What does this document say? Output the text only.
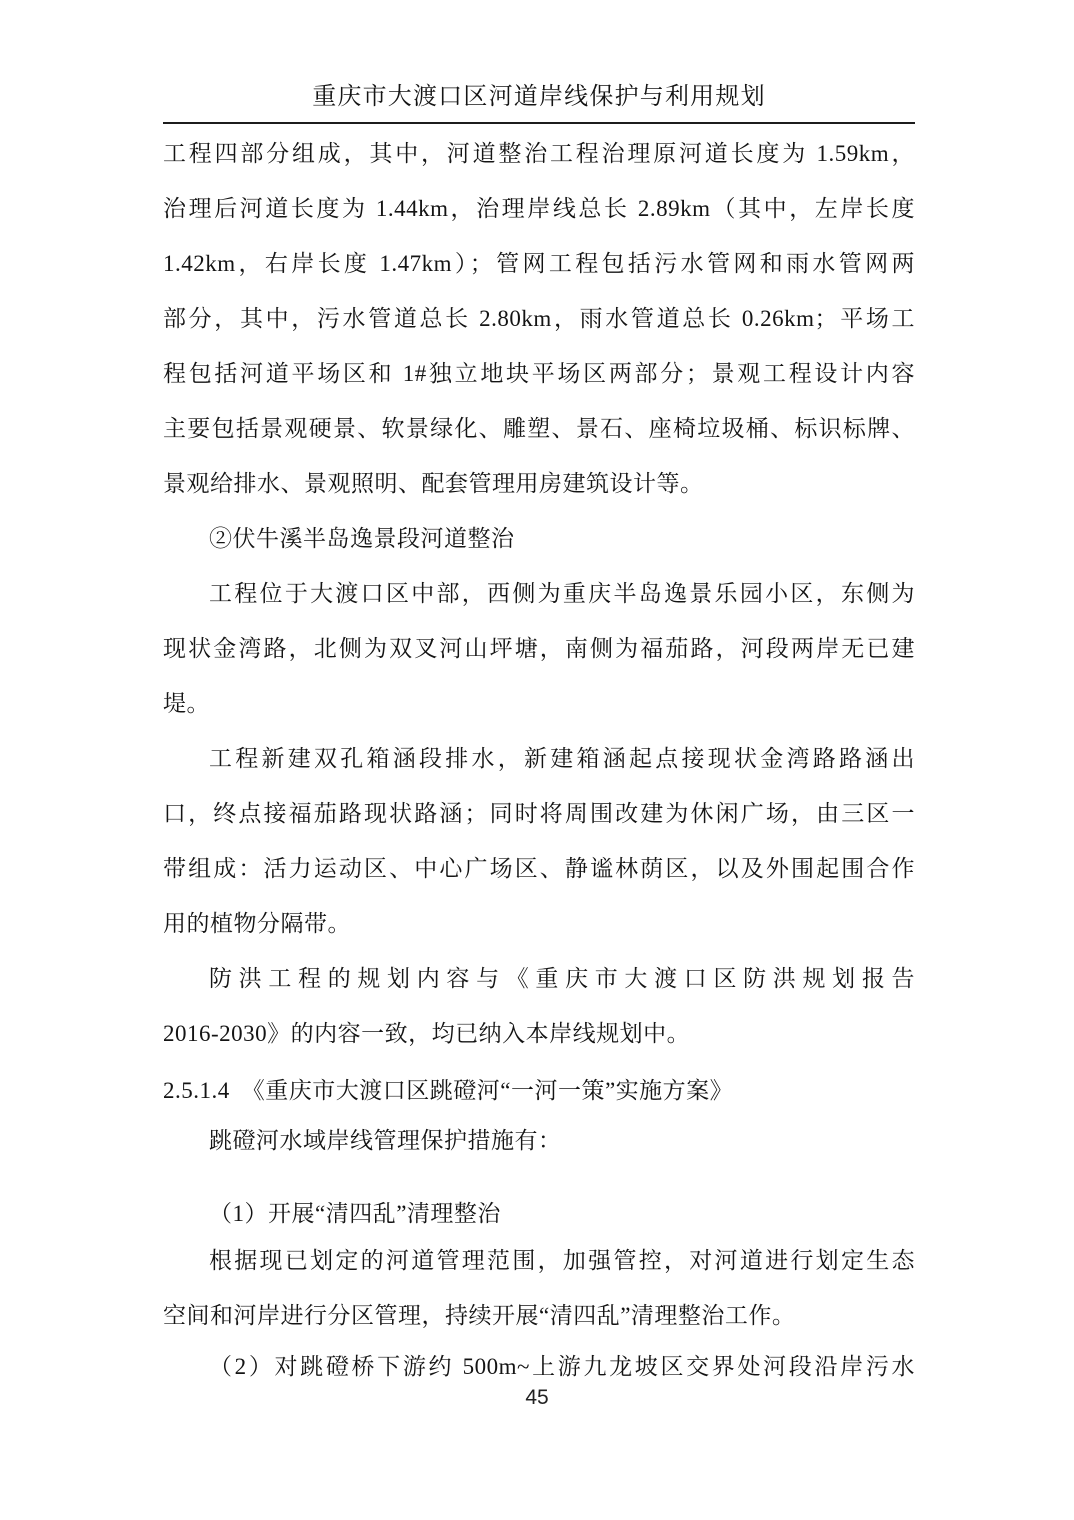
重庆市大渡口区河道岸线保护与利用规划
工程四部分组成，其中，河道整治工程治理原河道长度为 1.59km，
治理后河道长度为 1.44km，治理岸线总长 2.89km（其中，左岸长度
1.42km，右岸长度 1.47km）；管网工程包括污水管网和雨水管网两
部分，其中，污水管道总长 2.80km，雨水管道总长 0.26km；平场工
程包括河道平场区和 1#独立地块平场区两部分；景观工程设计内容
主要包括景观硬景、软景绿化、雕塑、景石、座椅垃圾桶、标识标牌、
景观给排水、景观照明、配套管理用房建筑设计等。
②伏牛溪半岛逸景段河道整治
工程位于大渡口区中部，西侧为重庆半岛逸景乐园小区，东侧为
现状金湾路，北侧为双叉河山坪塘，南侧为福茄路，河段两岸无已建
堤。
工程新建双孔箱涵段排水，新建箱涵起点接现状金湾路路涵出
口，终点接福茄路现状路涵；同时将周围改建为休闲广场，由三区一
带组成：活力运动区、中心广场区、静谧林荫区，以及外围起围合作
用的植物分隔带。
防洪工程的规划内容与《重庆市大渡口区防洪规划报告
2016-2030》的内容一致，均已纳入本岸线规划中。
2.5.1.4　《重庆市大渡口区跳磴河“一河一策”实施方案》
跳磴河水域岸线管理保护措施有：
（1）开展“清四乱”清理整治
根据现已划定的河道管理范围，加强管控，对河道进行划定生态
空间和河岸进行分区管理，持续开展“清四乱”清理整治工作。
（2）对跳磴桥下游约 500m~上游九龙坡区交界处河段沿岸污水
45
